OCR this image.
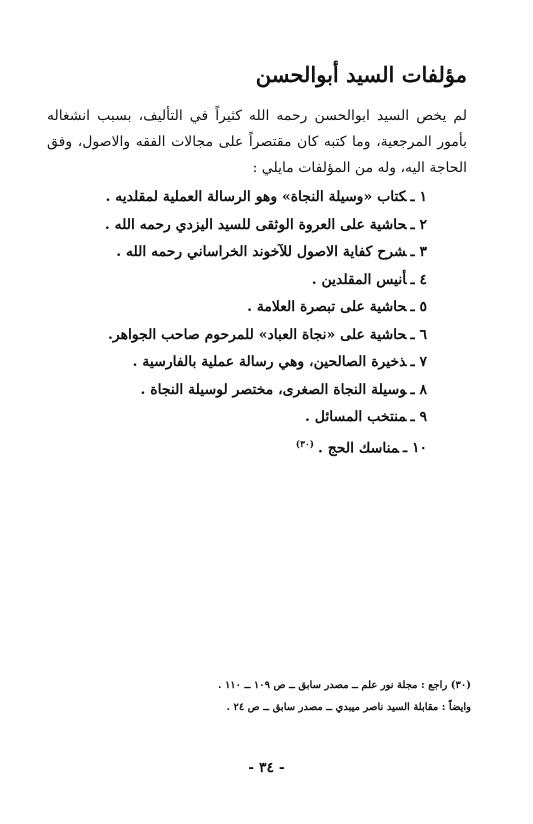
مؤلفات السيد أبوالحسن

لم يخص السيد ابوالحسن رحمه الله كثيراً في التأليف، بسبب انشغاله بأمور المرجعية، وما كتبه كان مقتصراً على مجالات الفقه والاصول، وفق الحاجة اليه، وله من المؤلفات مايلي :

١ ـكتاب «وسيلة النجاة» وهو الرسالة العملية لمقلديه .
٢ ـحاشية على العروة الوثقى للسيد اليزدي رحمه الله .
٣ ـشرح كفاية الاصول للآخوند الخراساني رحمه الله .
٤ ـأنيس المقلدين .
٥ ـحاشية على تبصرة العلامة .
٦ ـحاشية على «نجاة العباد» للمرحوم صاحب الجواهر.
٧ ـذخيرة الصالحين، وهي رسالة عملية بالفارسية .
٨ ـوسيلة النجاة الصغرى، مختصر لوسيلة النجاة .
٩ ـمنتخب المسائل .
١٠ ـمناسك الحج .$^{(٣٠)}$

(٣٠) راجع : مجلة نور علم ــ مصدر سابق ــ ص ١٠٩ ــ ١١٠ .

وايضاً : مقابلة السيد ناصر ميبدي ــ مصدر سابق ــ ص ٢٤ .

- ٣٤ -
